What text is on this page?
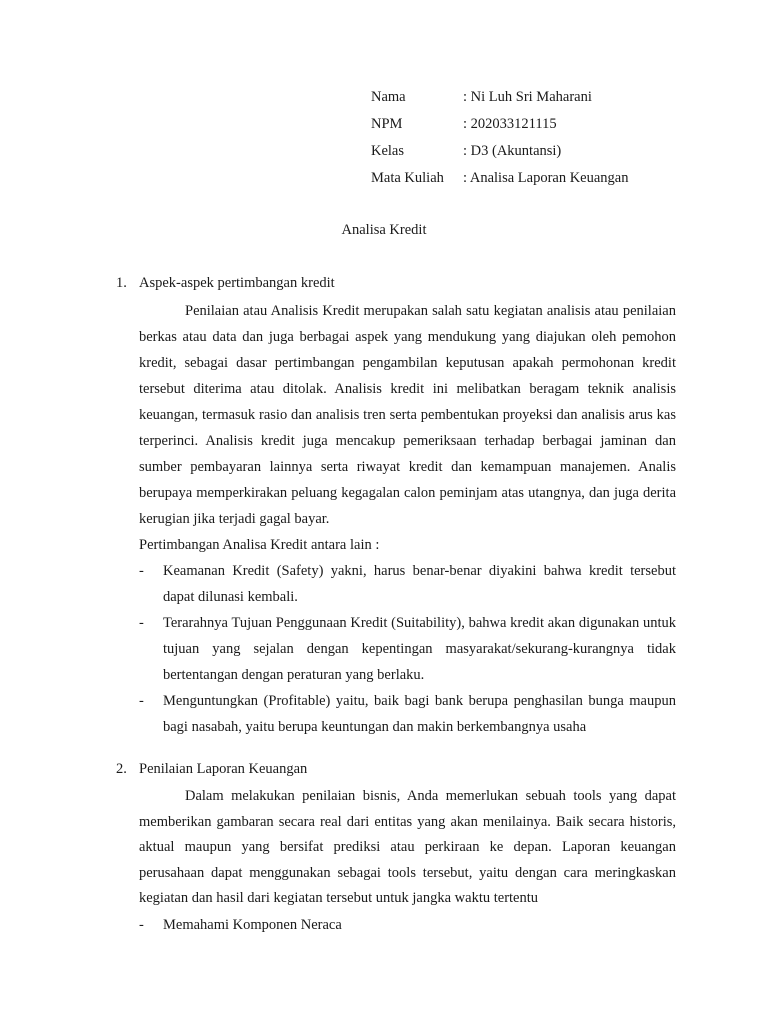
Nama	: Ni Luh Sri Maharani
NPM	: 202033121115
Kelas	: D3 (Akuntansi)
Mata Kuliah	: Analisa Laporan Keuangan
Analisa Kredit
1. Aspek-aspek pertimbangan kredit

Penilaian atau Analisis Kredit merupakan salah satu kegiatan analisis atau penilaian berkas atau data dan juga berbagai aspek yang mendukung yang diajukan oleh pemohon kredit, sebagai dasar pertimbangan pengambilan keputusan apakah permohonan kredit tersebut diterima atau ditolak. Analisis kredit ini melibatkan beragam teknik analisis keuangan, termasuk rasio dan analisis tren serta pembentukan proyeksi dan analisis arus kas terperinci. Analisis kredit juga mencakup pemeriksaan terhadap berbagai jaminan dan sumber pembayaran lainnya serta riwayat kredit dan kemampuan manajemen. Analis berupaya memperkirakan peluang kegagalan calon peminjam atas utangnya, dan juga derita kerugian jika terjadi gagal bayar.

Pertimbangan Analisa Kredit antara lain :

-	Keamanan Kredit (Safety) yakni, harus benar-benar diyakini bahwa kredit tersebut dapat dilunasi kembali.
-	Terarahnya Tujuan Penggunaan Kredit (Suitability), bahwa kredit akan digunakan untuk tujuan yang sejalan dengan kepentingan masyarakat/sekurang-kurangnya tidak bertentangan dengan peraturan yang berlaku.
-	Menguntungkan (Profitable) yaitu, baik bagi bank berupa penghasilan bunga maupun bagi nasabah, yaitu berupa keuntungan dan makin berkembangnya usaha
2. Penilaian Laporan Keuangan

Dalam melakukan penilaian bisnis, Anda memerlukan sebuah tools yang dapat memberikan gambaran secara real dari entitas yang akan menilainya. Baik secara historis, aktual maupun yang bersifat prediksi atau perkiraan ke depan. Laporan keuangan perusahaan dapat menggunakan sebagai tools tersebut, yaitu dengan cara meringkaskan kegiatan dan hasil dari kegiatan tersebut untuk jangka waktu tertentu

-	Memahami Komponen Neraca
